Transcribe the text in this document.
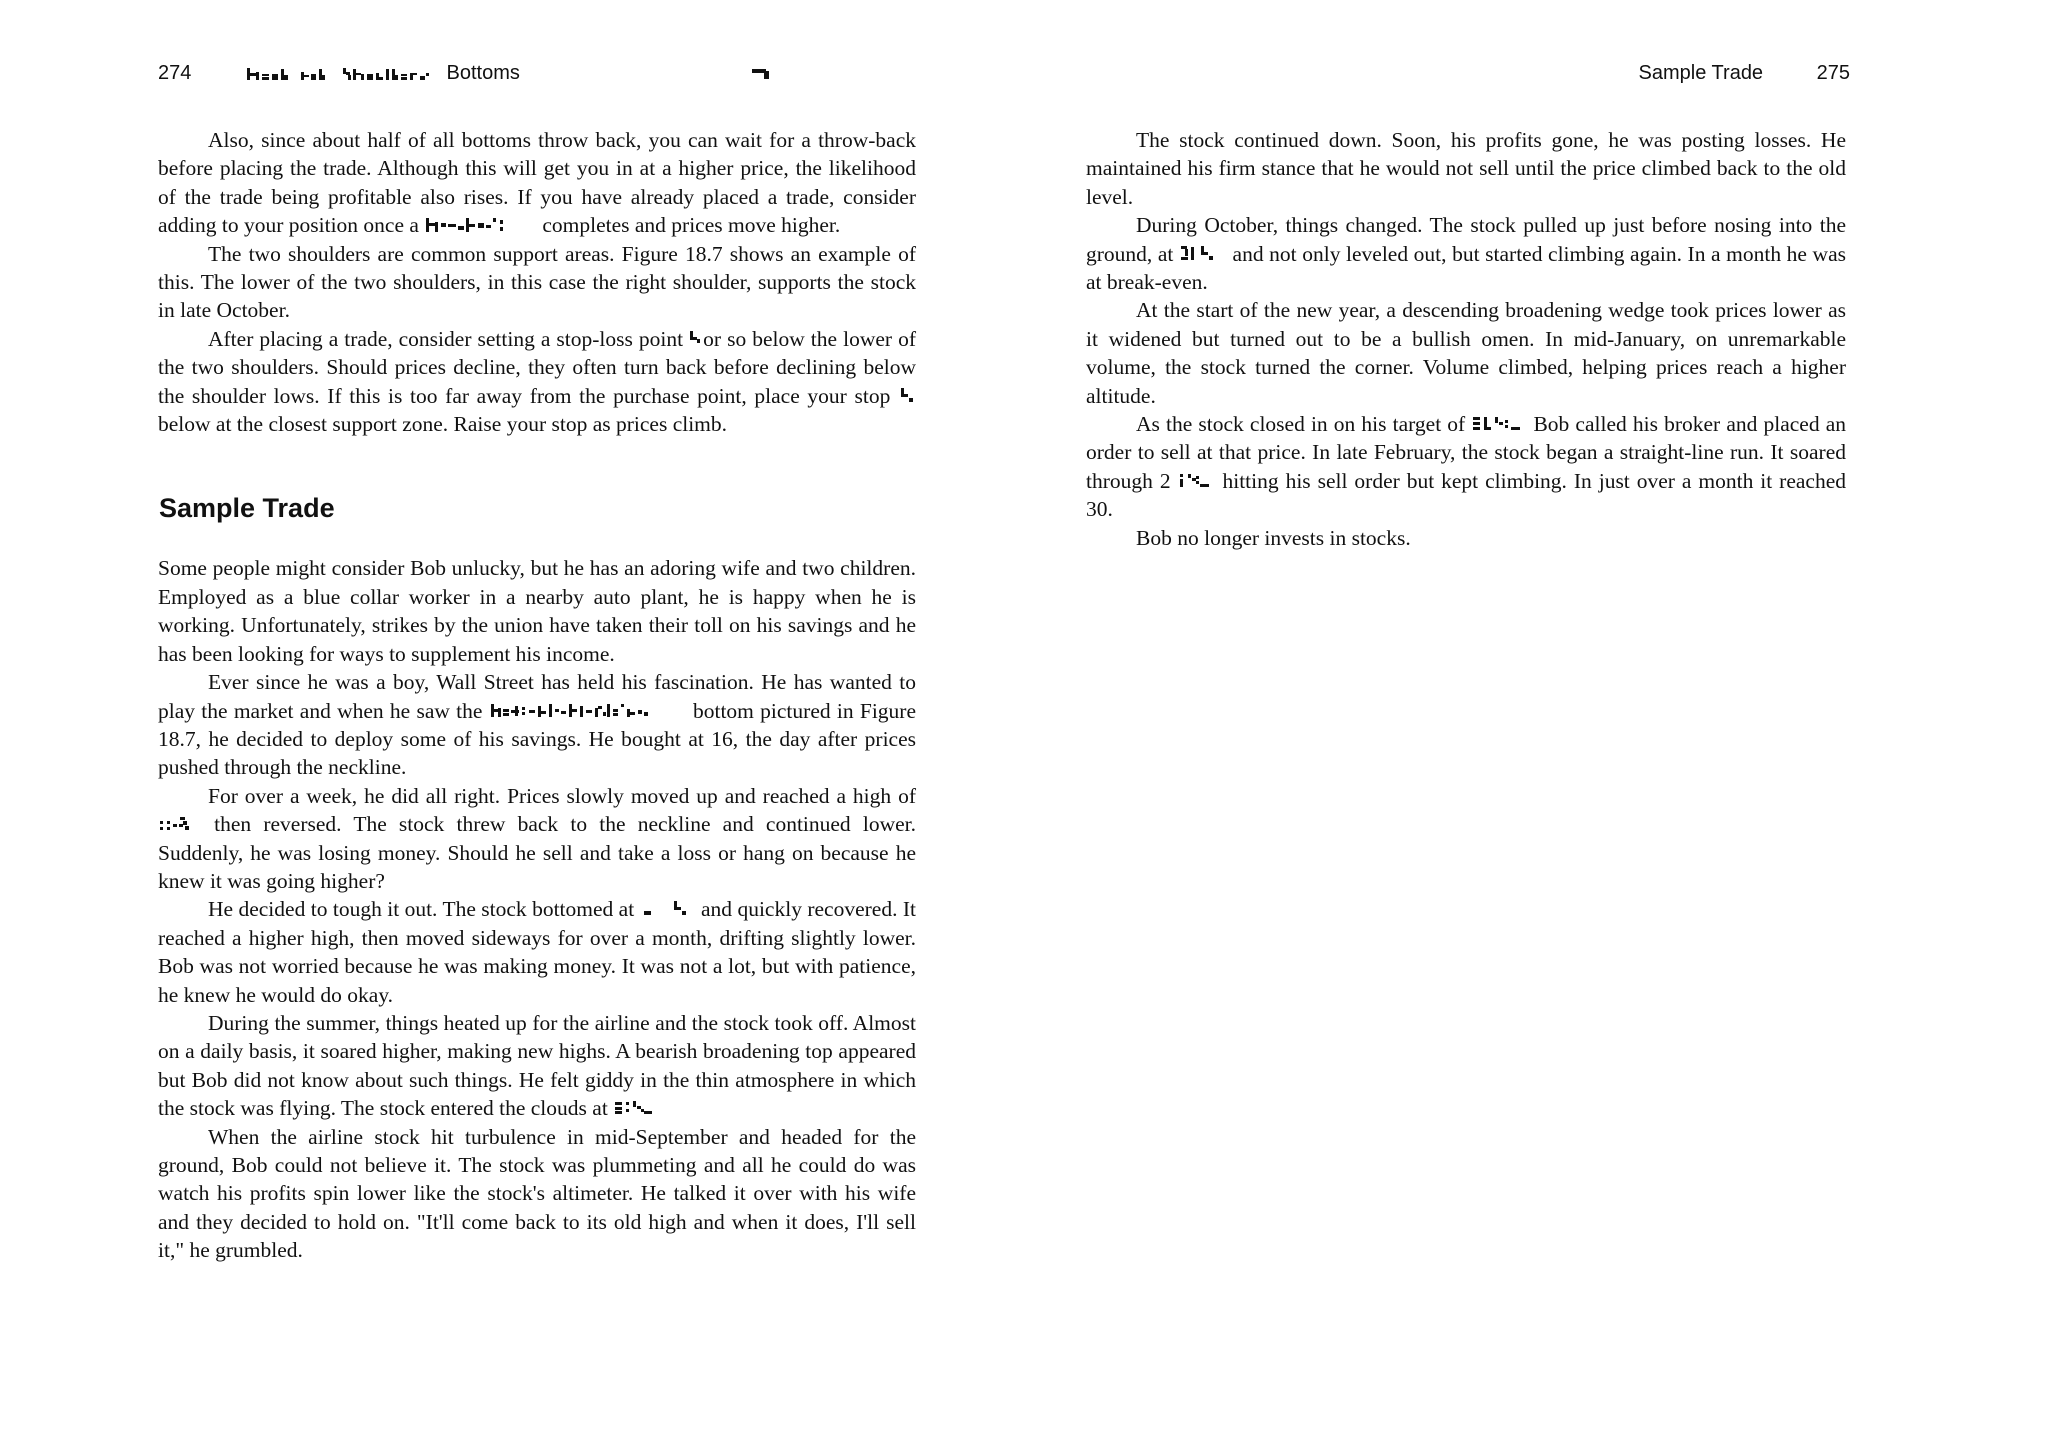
274	Bottoms	Sample Trade	275

Also, since about half of all bottoms throw back, you can wait for a throw-back before placing the trade. Although this will get you in at a higher price, the likelihood of the trade being profitable also rises. If you have already placed a trade, consider adding to your position once a	completes and prices move higher.

The two shoulders are common support areas. Figure 18.7 shows an example of this. The lower of the two shoulders, in this case the right shoulder, supports the stock in late October.

After placing a trade, consider setting a stop-loss point or so below the lower of the two shoulders. Should prices decline, they often turn back before declining below the shoulder lows. If this is too far away from the purchase point, place your stop  below at the closest support zone. Raise your stop as prices climb.

Sample Trade

Some people might consider Bob unlucky, but he has an adoring wife and two children. Employed as a blue collar worker in a nearby auto plant, he is happy when he is working. Unfortunately, strikes by the union have taken their toll on his savings and he has been looking for ways to supplement his income.

Ever since he was a boy, Wall Street has held his fascination. He has wanted to play the market and when he saw the	bottom pictured in Figure 18.7, he decided to deploy some of his savings. He bought at 16, the day after prices pushed through the neckline.

For over a week, he did all right. Prices slowly moved up and reached a high of  then reversed. The stock threw back to the neckline and continued lower. Suddenly, he was losing money. Should he sell and take a loss or hang on because he knew it was going higher?

He decided to tough it out. The stock bottomed at	and quickly recovered. It reached a higher high, then moved sideways for over a month, drifting slightly lower. Bob was not worried because he was making money. It was not a lot, but with patience, he knew he would do okay.

During the summer, things heated up for the airline and the stock took off. Almost on a daily basis, it soared higher, making new highs. A bearish broadening top appeared but Bob did not know about such things. He felt giddy in the thin atmosphere in which the stock was flying. The stock entered the clouds at

When the airline stock hit turbulence in mid-September and headed for the ground, Bob could not believe it. The stock was plummeting and all he could do was watch his profits spin lower like the stock's altimeter. He talked it over with his wife and they decided to hold on. "It'll come back to its old high and when it does, I'll sell it," he grumbled.

The stock continued down. Soon, his profits gone, he was posting losses. He maintained his firm stance that he would not sell until the price climbed back to the old level.

During October, things changed. The stock pulled up just before nosing into the ground, at  and not only leveled out, but started climbing again. In a month he was at break-even.

At the start of the new year, a descending broadening wedge took prices lower as it widened but turned out to be a bullish omen. In mid-January, on unremarkable volume, the stock turned the corner. Volume climbed, helping prices reach a higher altitude.

As the stock closed in on his target of	Bob called his broker and placed an order to sell at that price. In late February, the stock began a straight-line run. It soared through 2  hitting his sell order but kept climbing. In just over a month it reached 30.

Bob no longer invests in stocks.
